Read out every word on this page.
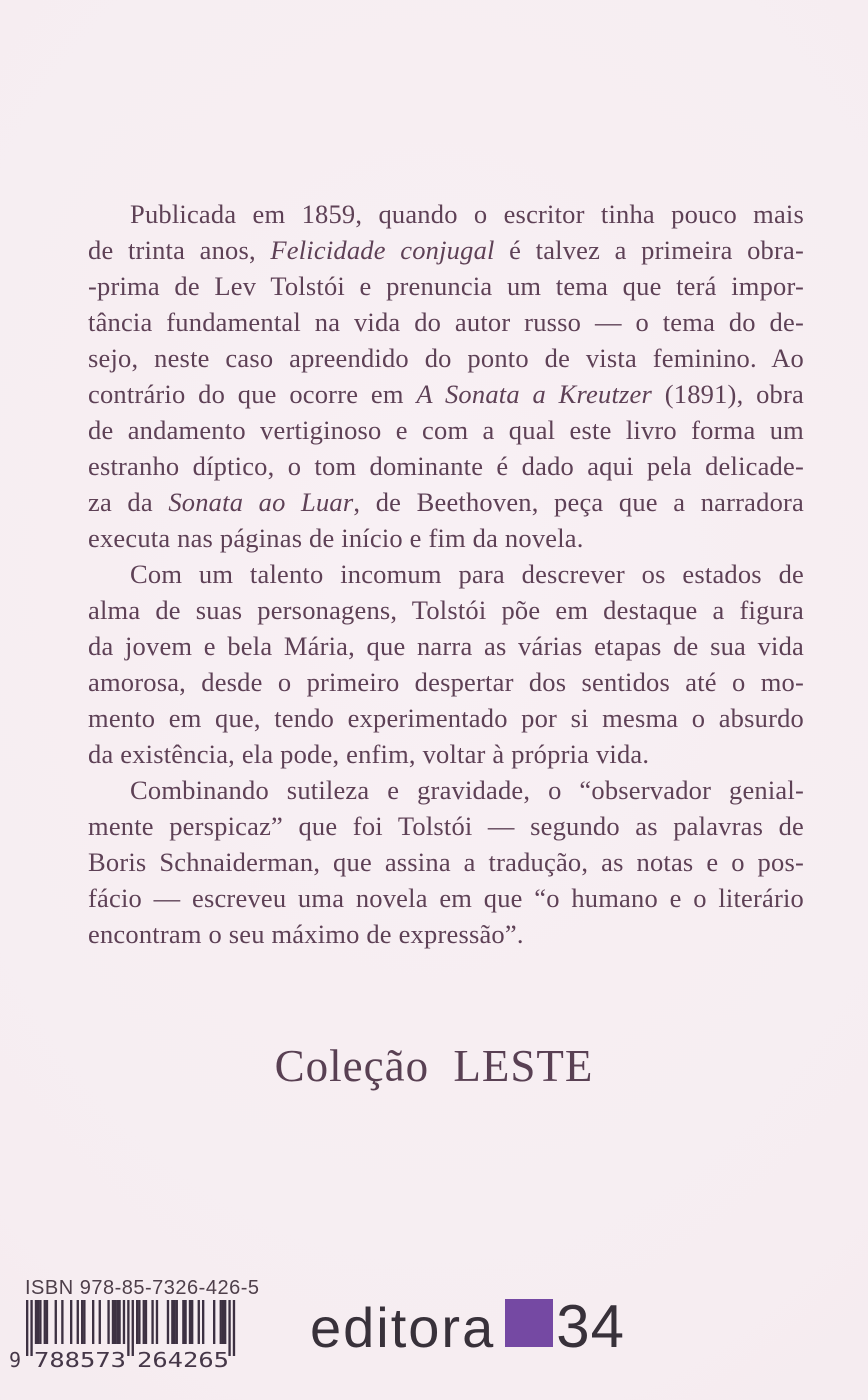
Publicada em 1859, quando o escritor tinha pouco mais
de trinta anos, Felicidade conjugal é talvez a primeira obra-
-prima de Lev Tolstói e prenuncia um tema que terá impor-
tância fundamental na vida do autor russo — o tema do de-
sejo, neste caso apreendido do ponto de vista feminino. Ao
contrário do que ocorre em A Sonata a Kreutzer (1891), obra
de andamento vertiginoso e com a qual este livro forma um
estranho díptico, o tom dominante é dado aqui pela delicade-
za da Sonata ao Luar, de Beethoven, peça que a narradora
executa nas páginas de início e fim da novela.
Com um talento incomum para descrever os estados de
alma de suas personagens, Tolstói põe em destaque a figura
da jovem e bela Mária, que narra as várias etapas de sua vida
amorosa, desde o primeiro despertar dos sentidos até o mo-
mento em que, tendo experimentado por si mesma o absurdo
da existência, ela pode, enfim, voltar à própria vida.
Combinando sutileza e gravidade, o “observador genial-
mente perspicaz” que foi Tolstói — segundo as palavras de
Boris Schnaiderman, que assina a tradução, as notas e o pos-
fácio — escreveu uma novela em que “o humano e o literário
encontram o seu máximo de expressão”.
Coleção LESTE
ISBN 978-85-7326-426-5
9 788573 264265
editora 34
